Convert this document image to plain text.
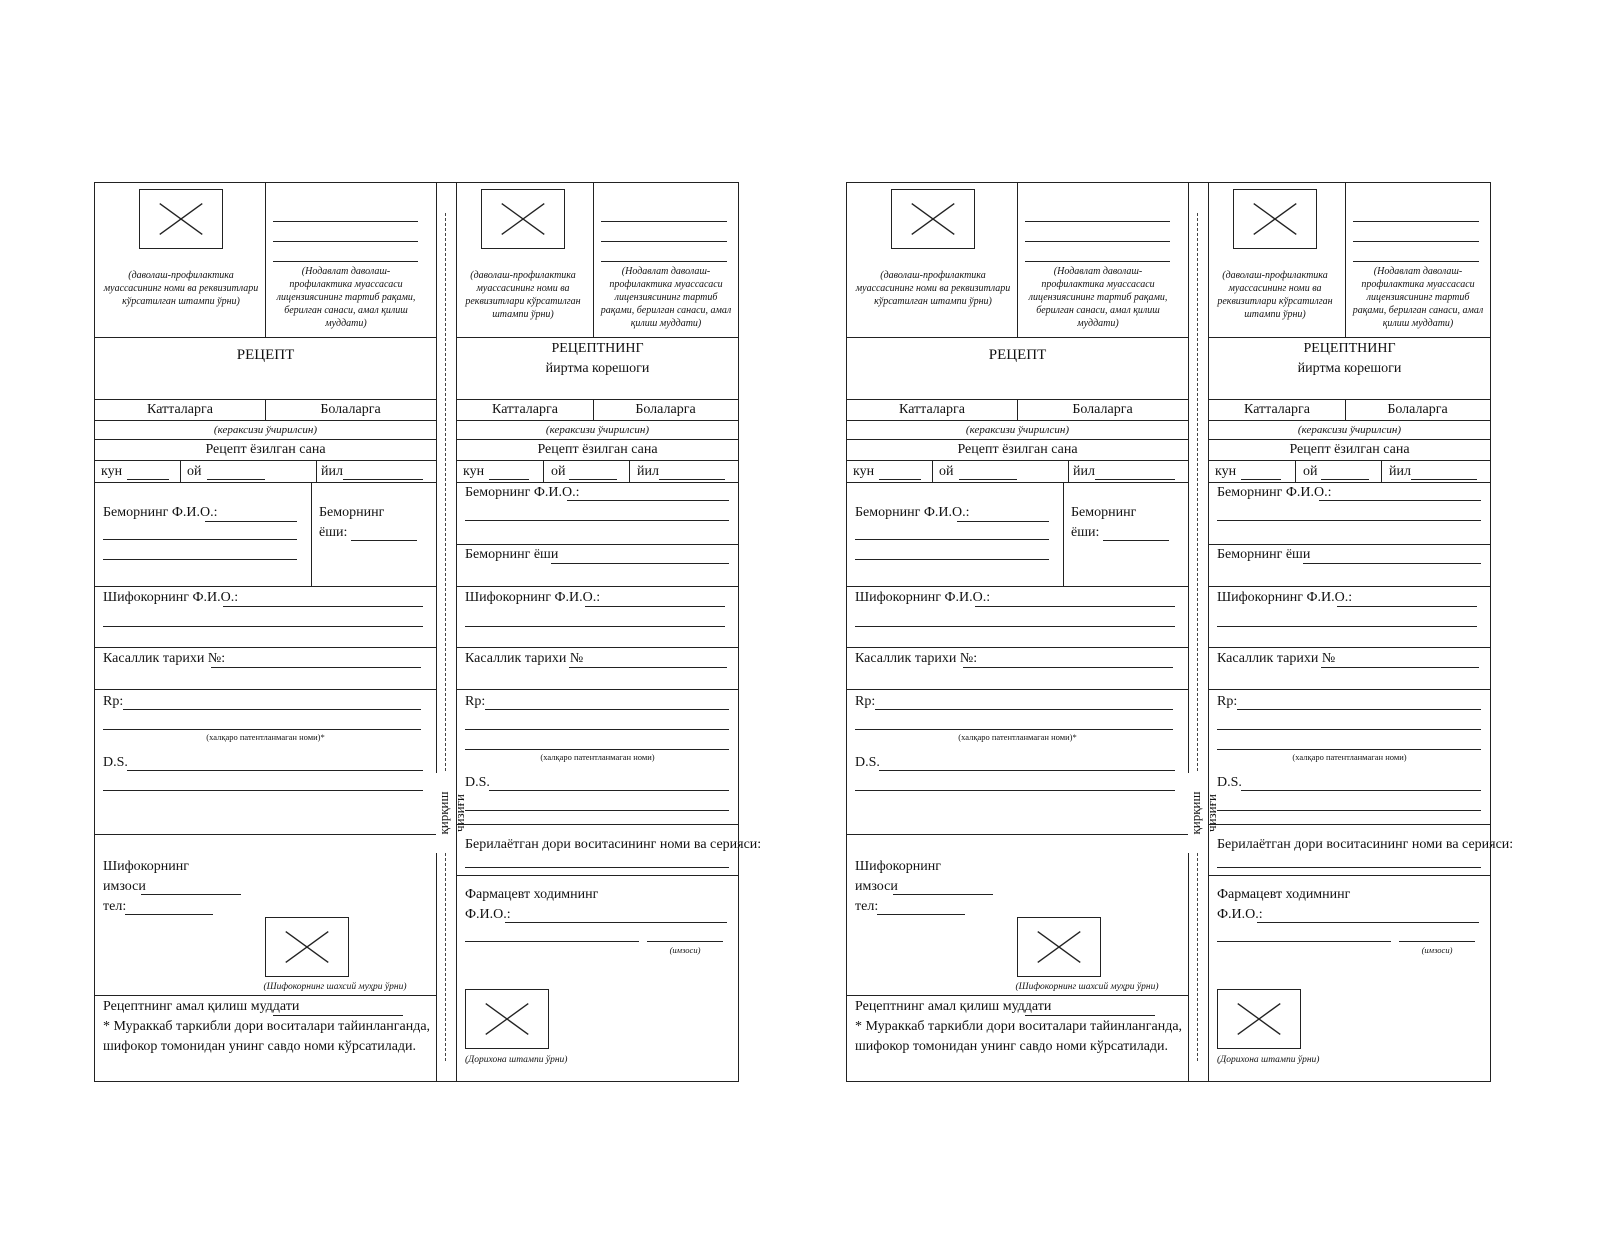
(даволаш-профилактика муассасининг номи ва реквизитлари кўрсатилган штампи ўрни)
(Нодавлат даволаш-профилактика муассасаси лицензиясининг тартиб рақами, берилган санаси, амал қилиш муддати)
РЕЦЕПТ
Катталарга	Болаларга
(кераксизи ўчирилсин)
Рецепт ёзилган сана
кун	ой	йил
Беморнинг Ф.И.О.:	Беморнинг
ёши:
Шифокорнинг Ф.И.О.:
Касаллик тарихи №:
Rp:
(халқаро патентланмаган номи)*
D.S.
Шифокорнинг
имзоси
тел:
(Шифокорнинг шахсий муҳри ўрни)
Рецептнинг амал қилиш муддати
* Мураккаб таркибли дори воситалари тайинланганда,
шифокор томонидан унинг савдо номи кўрсатилади.
қирқиш чизиғи
(даволаш-профилактика муассасининг номи ва реквизитлари кўрсатилган штампи ўрни)
(Нодавлат даволаш-профилактика муассасаси лицензиясининг тартиб рақами, берилган санаси, амал қилиш муддати)
РЕЦЕПТНИНГ
йиртма корешоги
Катталарга	Болаларга
(кераксизи ўчирилсин)
Рецепт ёзилган сана
кун	ой	йил
Беморнинг Ф.И.О.:
Беморнинг ёши
Шифокорнинг Ф.И.О.:
Касаллик тарихи №
Rp:
(халқаро патентланмаган номи)
D.S.
Берилаётган дори воситасининг номи ва серияси:
Фармацевт ходимнинг
Ф.И.О.:
(имзоси)
(Дорихона штампи ўрни)
(даволаш-профилактика муассасининг номи ва реквизитлари кўрсатилган штампи ўрни)
(Нодавлат даволаш-профилактика муассасаси лицензиясининг тартиб рақами, берилган санаси, амал қилиш муддати)
РЕЦЕПТ
Катталарга	Болаларга
(кераксизи ўчирилсин)
Рецепт ёзилган сана
кун	ой	йил
Беморнинг Ф.И.О.:	Беморнинг
ёши:
Шифокорнинг Ф.И.О.:
Касаллик тарихи №:
Rp:
(халқаро патентланмаган номи)*
D.S.
Шифокорнинг
имзоси
тел:
(Шифокорнинг шахсий муҳри ўрни)
Рецептнинг амал қилиш муддати
* Мураккаб таркибли дори воситалари тайинланганда,
шифокор томонидан унинг савдо номи кўрсатилади.
қирқиш чизиғи
(даволаш-профилактика муассасининг номи ва реквизитлари кўрсатилган штампи ўрни)
(Нодавлат даволаш-профилактика муассасаси лицензиясининг тартиб рақами, берилган санаси, амал қилиш муддати)
РЕЦЕПТНИНГ
йиртма корешоги
Катталарга	Болаларга
(кераксизи ўчирилсин)
Рецепт ёзилган сана
кун	ой	йил
Беморнинг Ф.И.О.:
Беморнинг ёши
Шифокорнинг Ф.И.О.:
Касаллик тарихи №
Rp:
(халқаро патентланмаган номи)
D.S.
Берилаётган дори воситасининг номи ва серияси:
Фармацевт ходимнинг
Ф.И.О.:
(имзоси)
(Дорихона штампи ўрни)
